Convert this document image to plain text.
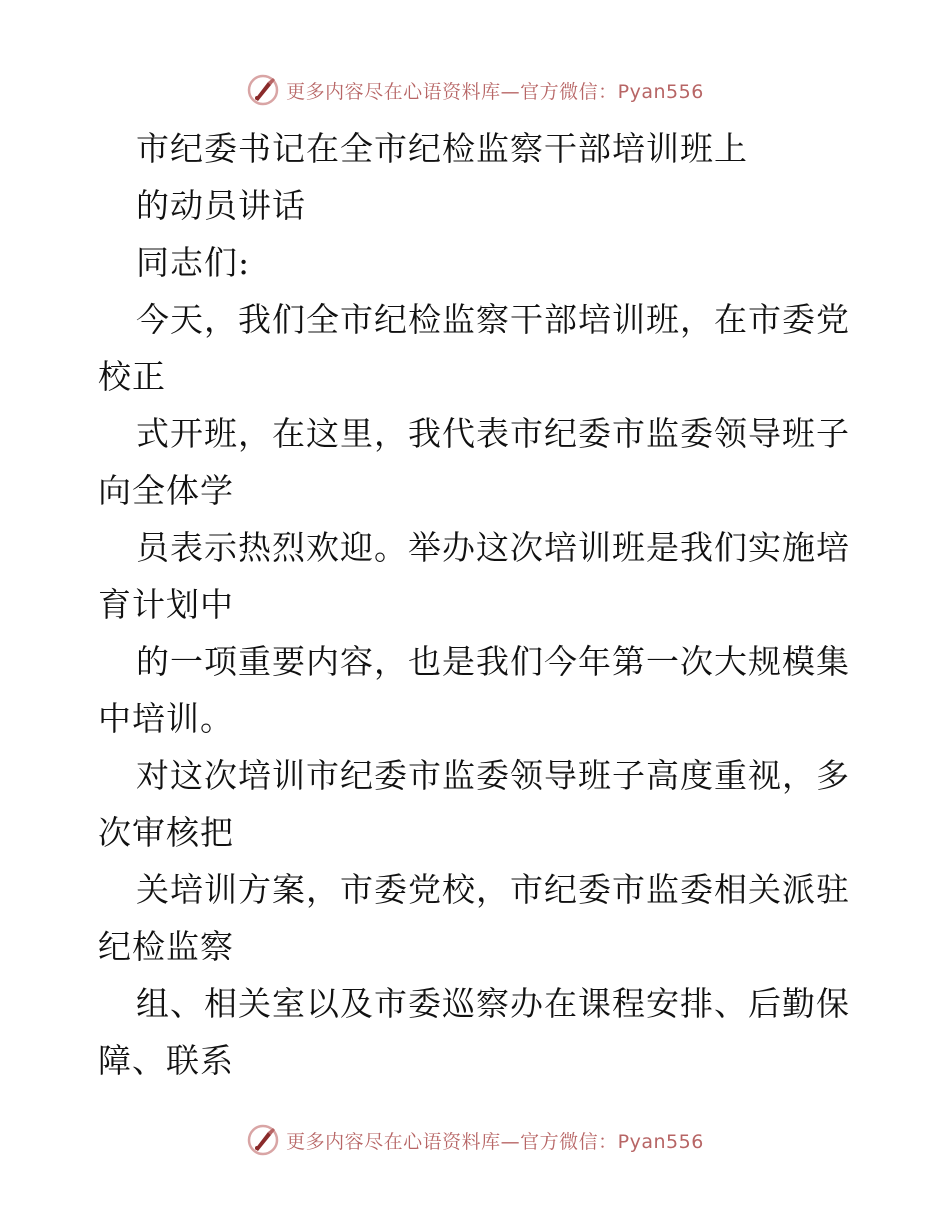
更多内容尽在心语资料库—官方微信：Pyan556
市纪委书记在全市纪检监察干部培训班上
的动员讲话
同志们:
今天，我们全市纪检监察干部培训班，在市委党
校正
式开班，在这里，我代表市纪委市监委领导班子
向全体学
员表示热烈欢迎。举办这次培训班是我们实施培
育计划中
的一项重要内容，也是我们今年第一次大规模集
中培训。
对这次培训市纪委市监委领导班子高度重视，多
次审核把
关培训方案，市委党校，市纪委市监委相关派驻
纪检监察
组、相关室以及市委巡察办在课程安排、后勤保
障、联系
更多内容尽在心语资料库—官方微信：Pyan556
